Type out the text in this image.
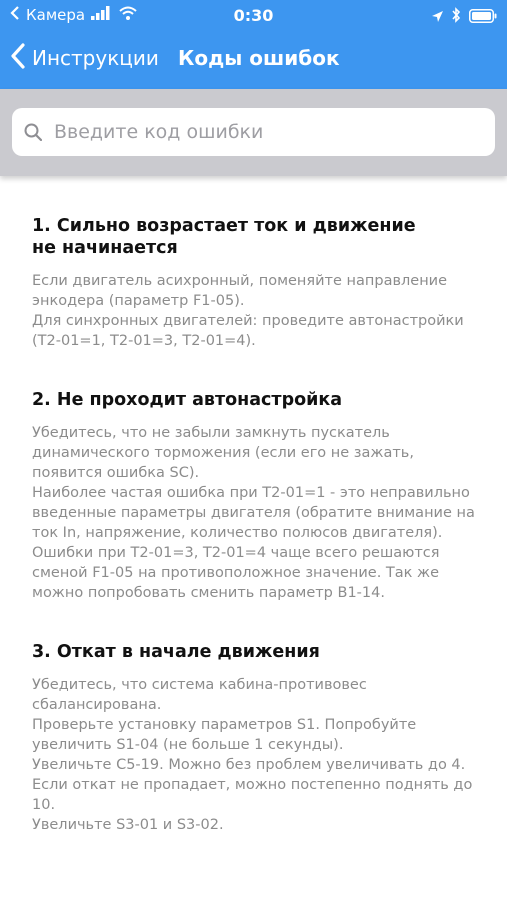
Камера	0:30
Инструкции Коды ошибок
Введите код ошибки
1. Сильно возрастает ток и движение не начинается

Если двигатель асихронный, поменяйте направление энкодера (параметр F1-05).
Для синхронных двигателей: проведите автонастройки (T2-01=1, T2-01=3, T2-01=4).

2. Не проходит автонастройка

Убедитесь, что не забыли замкнуть пускатель динамического торможения (если его не зажать, появится ошибка SC).
Наиболее частая ошибка при T2-01=1 - это неправильно введенные параметры двигателя (обратите внимание на ток In, напряжение, количество полюсов двигателя).
Ошибки при T2-01=3, T2-01=4 чаще всего решаются сменой F1-05 на противоположное значение. Так же можно попробовать сменить параметр B1-14.

3. Откат в начале движения

Убедитесь, что система кабина-противовес сбалансирована.
Проверьте установку параметров S1. Попробуйте увеличить S1-04 (не больше 1 секунды).
Увеличьте C5-19. Можно без проблем увеличивать до 4. Если откат не пропадает, можно постепенно поднять до 10.
Увеличьте S3-01 и S3-02.
